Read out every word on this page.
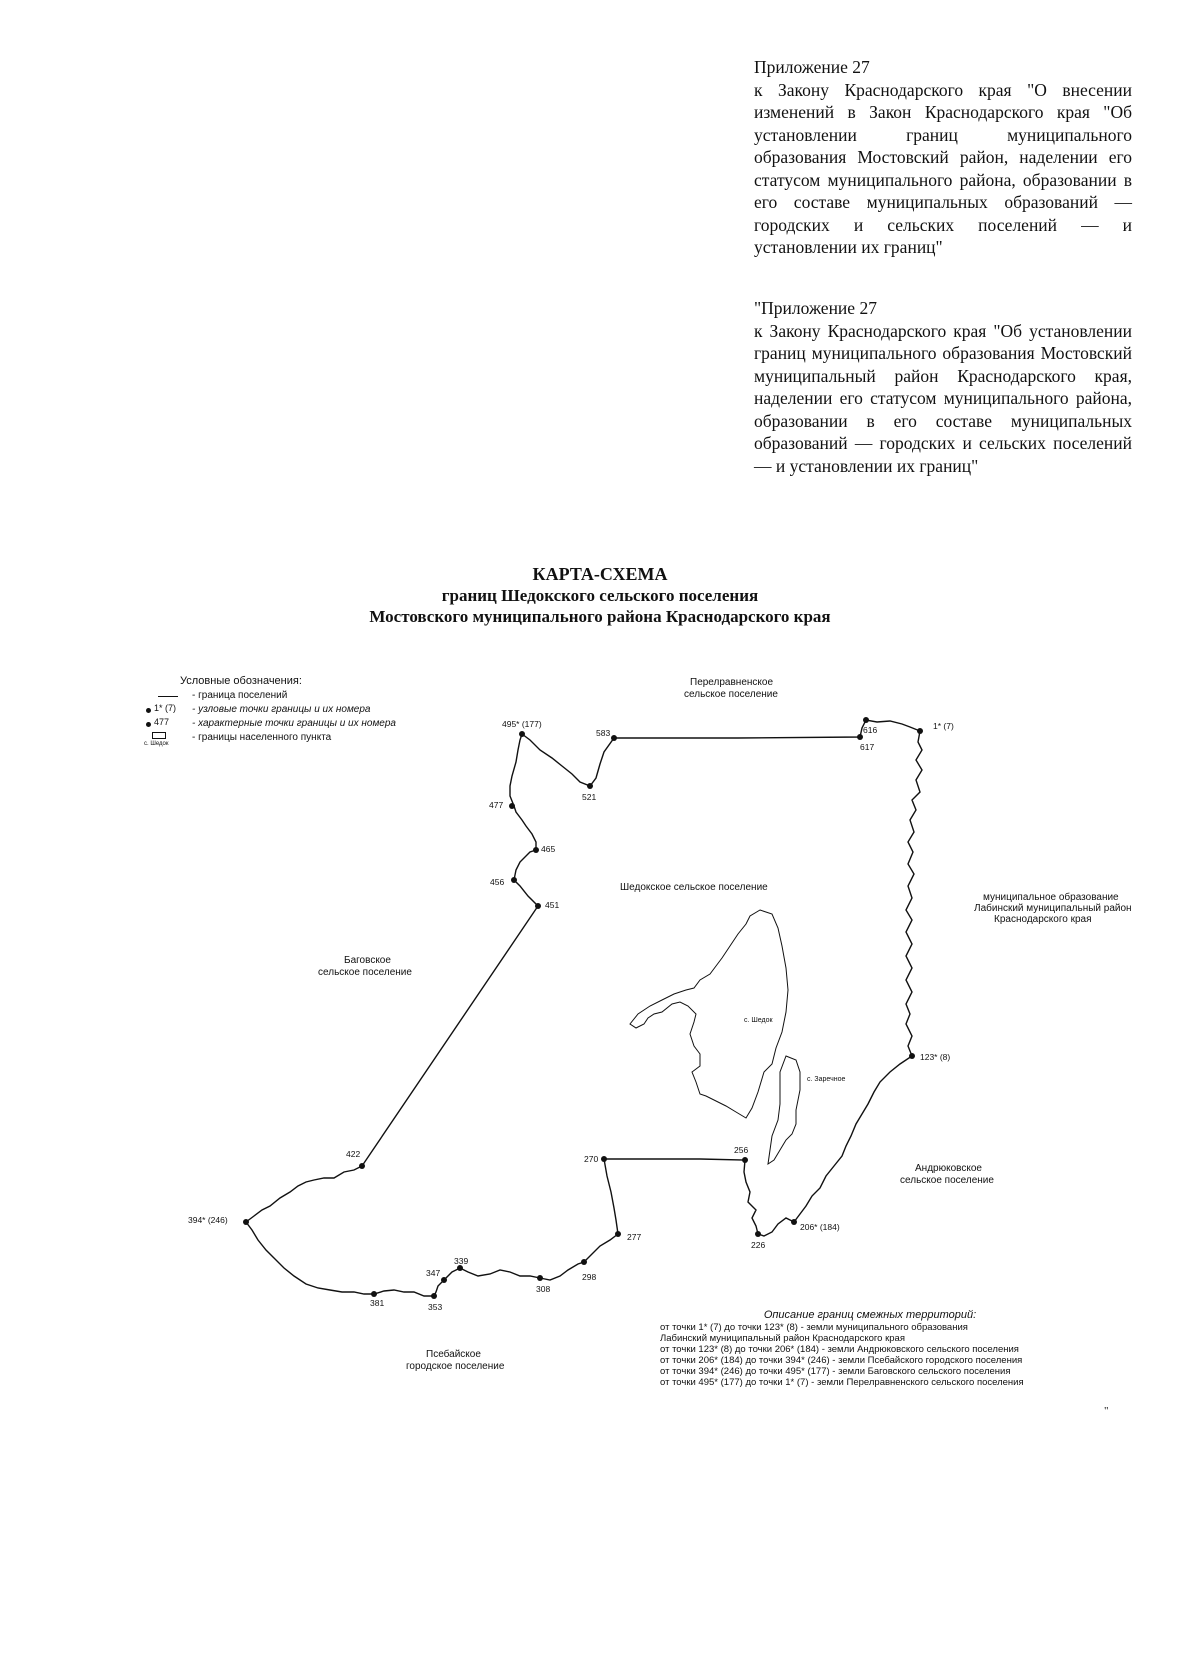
Приложение 27
к Закону Краснодарского края "О внесении изменений в Закон Краснодарского края "Об установлении границ муниципального образования Мостовский район, наделении его статусом муниципального района, образовании в его составе муниципальных образований — городских и сельских поселений — и установлении их границ"
"Приложение 27
к Закону Краснодарского края "Об установлении границ муниципального образования Мостовский муниципальный район Краснодарского края, наделении его статусом муниципального района, образовании в его составе муниципальных образований — городских и сельских поселений — и установлении их границ"
КАРТА-СХЕМА
границ Шедокского сельского поселения
Мостовского муниципального района Краснодарского края
495* (177)
583	616
617
1* (7)
521
477
465
456
451
123* (8)
422
394* (246)
270
256
277
226
206* (184)
339
347	298
308
381	353
Шедокское сельское поселение
Перелравненское
сельское поселение
муниципальное образование
Лабинский муниципальный район
Краснодарского края
Баговское
сельское поселение
Андрюковское
сельское поселение
Псебайское
городское поселение
с. Шедок
с. Заречное
Условные обозначения:
- граница поселений
1* (7) - узловые точки границы и их номера
477 - характерные точки границы и их номера
с. Шедок
- границы населенного пункта
Описание границ смежных территорий:
от точки 1* (7) до точки 123* (8) - земли муниципального образования
Лабинский муниципальный район Краснодарского края
от точки 123* (8) до точки 206* (184) - земли Андрюковского сельского поселения
от точки 206* (184) до точки 394* (246) - земли Псебайского городского поселения
от точки 394* (246) до точки 495* (177) - земли Баговского сельского поселения
от точки 495* (177) до точки 1* (7) - земли Перелравненского сельского поселения
"
